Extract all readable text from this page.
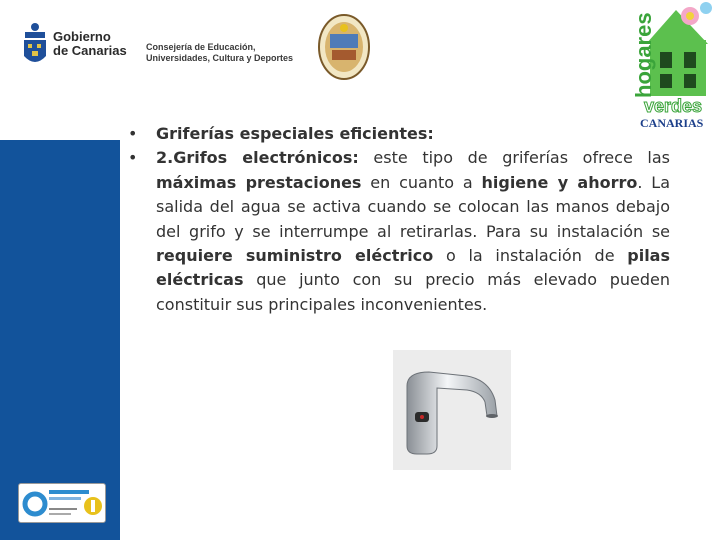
Gobierno
de Canarias Consejería de Educación,
Universidades, Cultura y Deportes	hogares
verdes
CANARIAS
•	Griferías especiales eficientes:
•	2.Grifos electrónicos: este tipo de griferías ofrece las máximas prestaciones en cuanto a higiene y ahorro. La salida del agua se activa cuando se colocan las manos debajo del grifo y se interrumpe al retirarlas. Para su instalación se requiere suministro eléctrico o la instalación de pilas eléctricas que junto con su precio más elevado pueden constituir sus principales inconvenientes.
